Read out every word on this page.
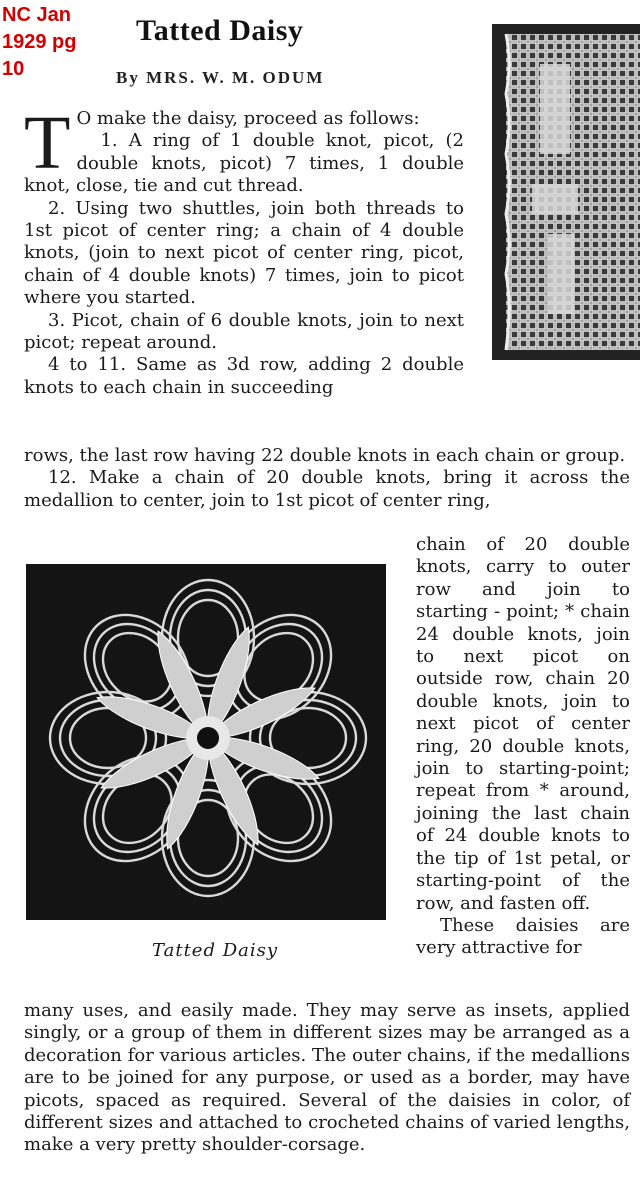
NC Jan
1929 pg
10
Tatted Daisy
By MRS. W. M. ODUM

T O make the daisy, proceed as follows:

1. A ring of 1 double knot, picot, (2 double knots, picot) 7 times, 1 double knot, close, tie and cut thread.

2. Using two shuttles, join both threads to 1st picot of center ring; a chain of 4 double knots, (join to next picot of center ring, picot, chain of 4 double knots) 7 times, join to picot where you started.

3. Picot, chain of 6 double knots, join to next picot; repeat around.

4 to 11. Same as 3d row, adding 2 double knots to each chain in succeeding

rows, the last row having 22 double knots in each chain or group.

12. Make a chain of 20 double knots, bring it across the medallion to center, join to 1st picot of center ring,

Tatted Daisy

chain of 20 double knots, carry to outer row and join to starting - point; * chain 24 double knots, join to next picot on outside row, chain 20 double knots, join to next picot of center ring, 20 double knots, join to starting-point; repeat from * around, joining the last chain of 24 double knots to the tip of 1st petal, or starting-point of the row, and fasten off.

These daisies are very attractive for

many uses, and easily made. They may serve as insets, applied singly, or a group of them in different sizes may be arranged as a decoration for various articles. The outer chains, if the medallions are to be joined for any purpose, or used as a border, may have picots, spaced as required. Several of the daisies in color, of different sizes and attached to crocheted chains of varied lengths, make a very pretty shoulder-corsage.
